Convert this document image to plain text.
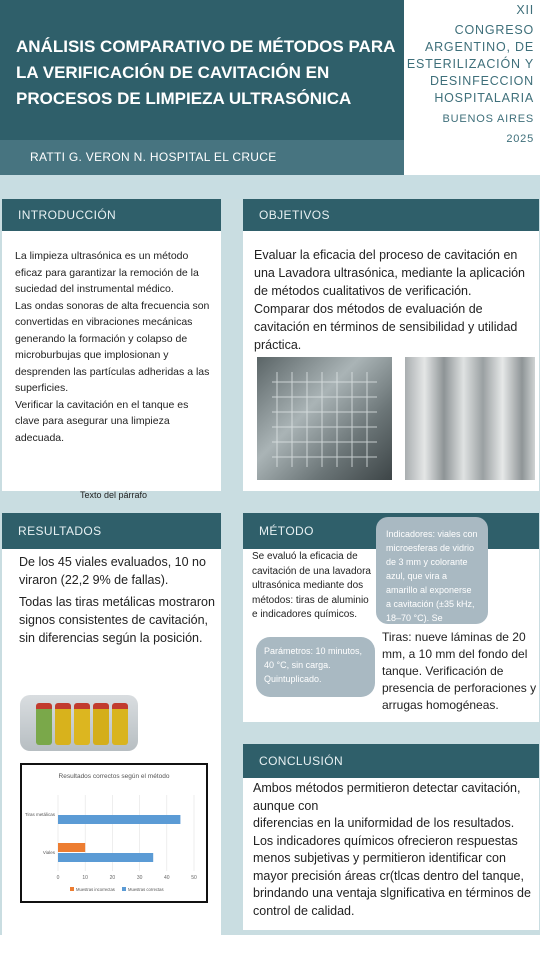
ANÁLISIS COMPARATIVO DE MÉTODOS PARA LA VERIFICACIÓN DE CAVITACIÓN EN PROCESOS DE LIMPIEZA ULTRASÓNICA
RATTI G. VERON N. HOSPITAL EL CRUCE
XII
CONGRESO
ARGENTINO, DE
ESTERILIZACIÓN Y
DESINFECCION
HOSPITALARIA
BUENOS AIRES
2025
INTRODUCCIÓN
La limpieza ultrasónica es un método eficaz para garantizar la remoción de la suciedad del instrumental médico.
Las ondas sonoras de alta frecuencia son convertidas en vibraciones mecánicas generando la formación y colapso de microburbujas que implosionan y desprenden las partículas adheridas a las superficies.
Verificar la cavitación en el tanque es clave para asegurar una limpieza adecuada.
Texto del párrafo
OBJETIVOS
Evaluar la eficacia del proceso de cavitación en una Lavadora ultrasónica, mediante la aplicación de métodos cualitativos de verificación.
Comparar dos métodos de evaluación de cavitación en términos de sensibilidad y utilidad práctica.
RESULTADOS
De los 45 viales evaluados, 10 no viraron (22,2 9% de fallas).
Todas las tiras metálicas mostraron signos consistentes de cavitación, sin diferencias según la posición.
Resultados correctos según el método
0	10	20	30	40	50
Tiras metálicas
Viales
Muestras incorrectas	Muestras correctas
MÉTODO
Se evaluó la eficacia de cavitación de una lavadora ultrasónica mediante dos métodos: tiras de aluminio e indicadores químicos.
Parámetros: 10 minutos, 40 °C, sin carga. Quintuplicado.
Indicadores: viales con microesferas de vidrio de 3 mm y colorante azul, que vira a amarillo al exponerse a cavitación (±35 kHz, 18–70 °C). Se
Tiras: nueve láminas de 20 mm, a 10 mm del fondo del tanque. Verificación de presencia de perforaciones y arrugas homogéneas.
CONCLUSIÓN
Ambos métodos permitieron detectar cavitación, aunque con
diferencias en la uniformidad de los resultados. Los indicadores químicos ofrecieron respuestas menos subjetivas y permitieron identificar con mayor precisión áreas cr(tlcas dentro del tanque, brindando una ventaja slgnificativa en términos de control de calidad.
